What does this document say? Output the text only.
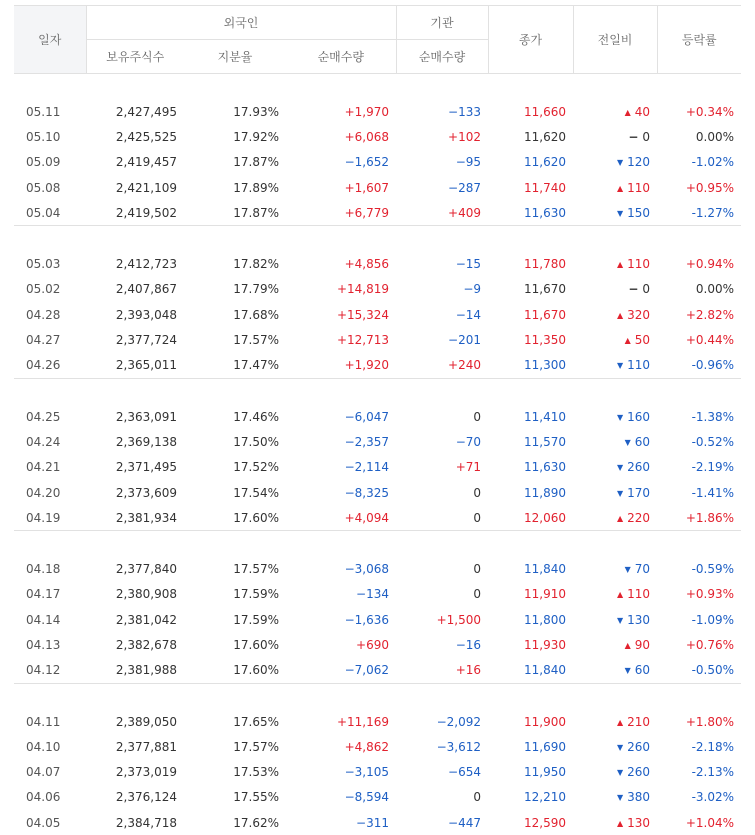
일자	외국인			기관	종가	전일비	등락률
	보유주식수	지분율	순매수량	순매수량			

05.11	2,427,495	17.93%	+1,970	−133	11,660	▲ 40	+0.34%
05.10	2,425,525	17.92%	+6,068	+102	11,620	− 0	0.00%
05.09	2,419,457	17.87%	−1,652	−95	11,620	▼ 120	-1.02%
05.08	2,421,109	17.89%	+1,607	−287	11,740	▲ 110	+0.95%
05.04	2,419,502	17.87%	+6,779	+409	11,630	▼ 150	-1.27%

05.03	2,412,723	17.82%	+4,856	−15	11,780	▲ 110	+0.94%
05.02	2,407,867	17.79%	+14,819	−9	11,670	− 0	0.00%
04.28	2,393,048	17.68%	+15,324	−14	11,670	▲ 320	+2.82%
04.27	2,377,724	17.57%	+12,713	−201	11,350	▲ 50	+0.44%
04.26	2,365,011	17.47%	+1,920	+240	11,300	▼ 110	-0.96%

04.25	2,363,091	17.46%	−6,047	0	11,410	▼ 160	-1.38%
04.24	2,369,138	17.50%	−2,357	−70	11,570	▼ 60	-0.52%
04.21	2,371,495	17.52%	−2,114	+71	11,630	▼ 260	-2.19%
04.20	2,373,609	17.54%	−8,325	0	11,890	▼ 170	-1.41%
04.19	2,381,934	17.60%	+4,094	0	12,060	▲ 220	+1.86%

04.18	2,377,840	17.57%	−3,068	0	11,840	▼ 70	-0.59%
04.17	2,380,908	17.59%	−134	0	11,910	▲ 110	+0.93%
04.14	2,381,042	17.59%	−1,636	+1,500	11,800	▼ 130	-1.09%
04.13	2,382,678	17.60%	+690	−16	11,930	▲ 90	+0.76%
04.12	2,381,988	17.60%	−7,062	+16	11,840	▼ 60	-0.50%

04.11	2,389,050	17.65%	+11,169	−2,092	11,900	▲ 210	+1.80%
04.10	2,377,881	17.57%	+4,862	−3,612	11,690	▼ 260	-2.18%
04.07	2,373,019	17.53%	−3,105	−654	11,950	▼ 260	-2.13%
04.06	2,376,124	17.55%	−8,594	0	12,210	▼ 380	-3.02%
04.05	2,384,718	17.62%	−311	−447	12,590	▲ 130	+1.04%
